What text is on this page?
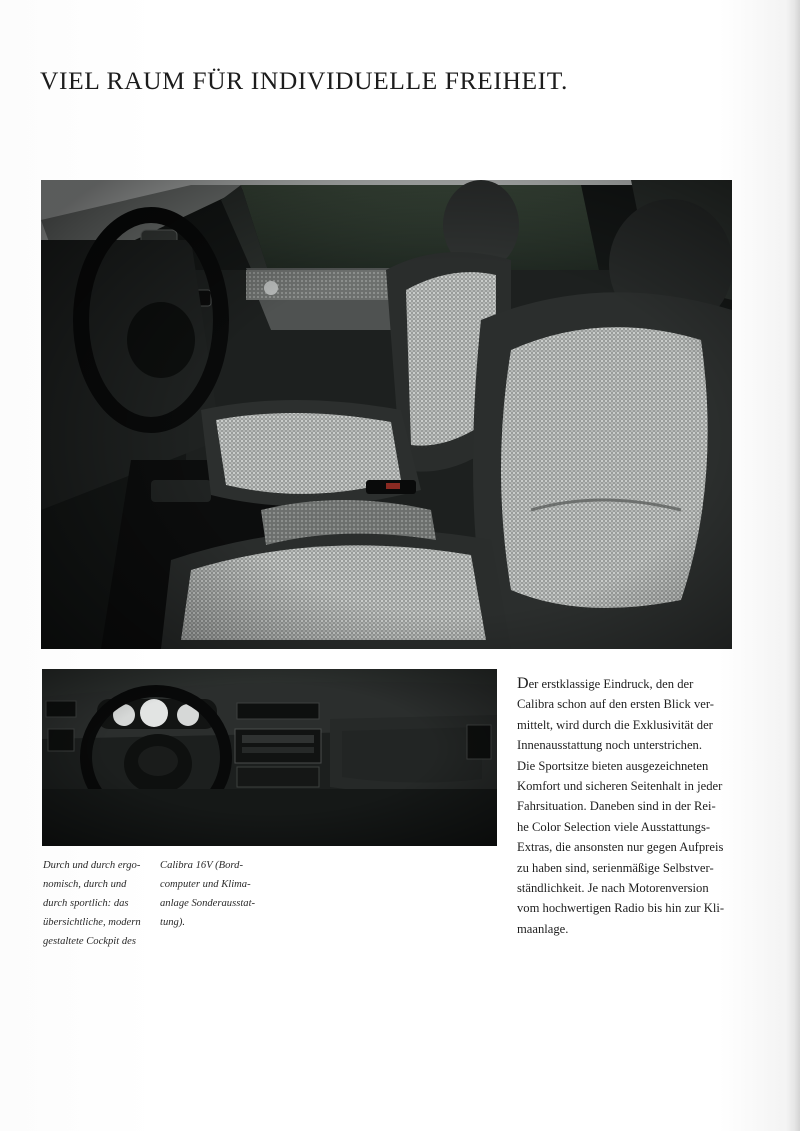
VIEL RAUM FÜR INDIVIDUELLE FREIHEIT.

Durch und durch ergo-
nomisch, durch und
durch sportlich: das
übersichtliche, modern
gestaltete Cockpit des

Calibra 16V (Bord-
computer und Klima-
anlage Sonderausstat-
tung).

Der erstklassige Eindruck, den der
Calibra schon auf den ersten Blick ver-
mittelt, wird durch die Exklusivität der
Innenausstattung noch unterstrichen.
Die Sportsitze bieten ausgezeichneten
Komfort und sicheren Seitenhalt in jeder
Fahrsituation. Daneben sind in der Rei-
he Color Selection viele Ausstattungs-
Extras, die ansonsten nur gegen Aufpreis
zu haben sind, serienmäßige Selbstver-
ständlichkeit. Je nach Motorenversion
vom hochwertigen Radio bis hin zur Kli-
maanlage.
